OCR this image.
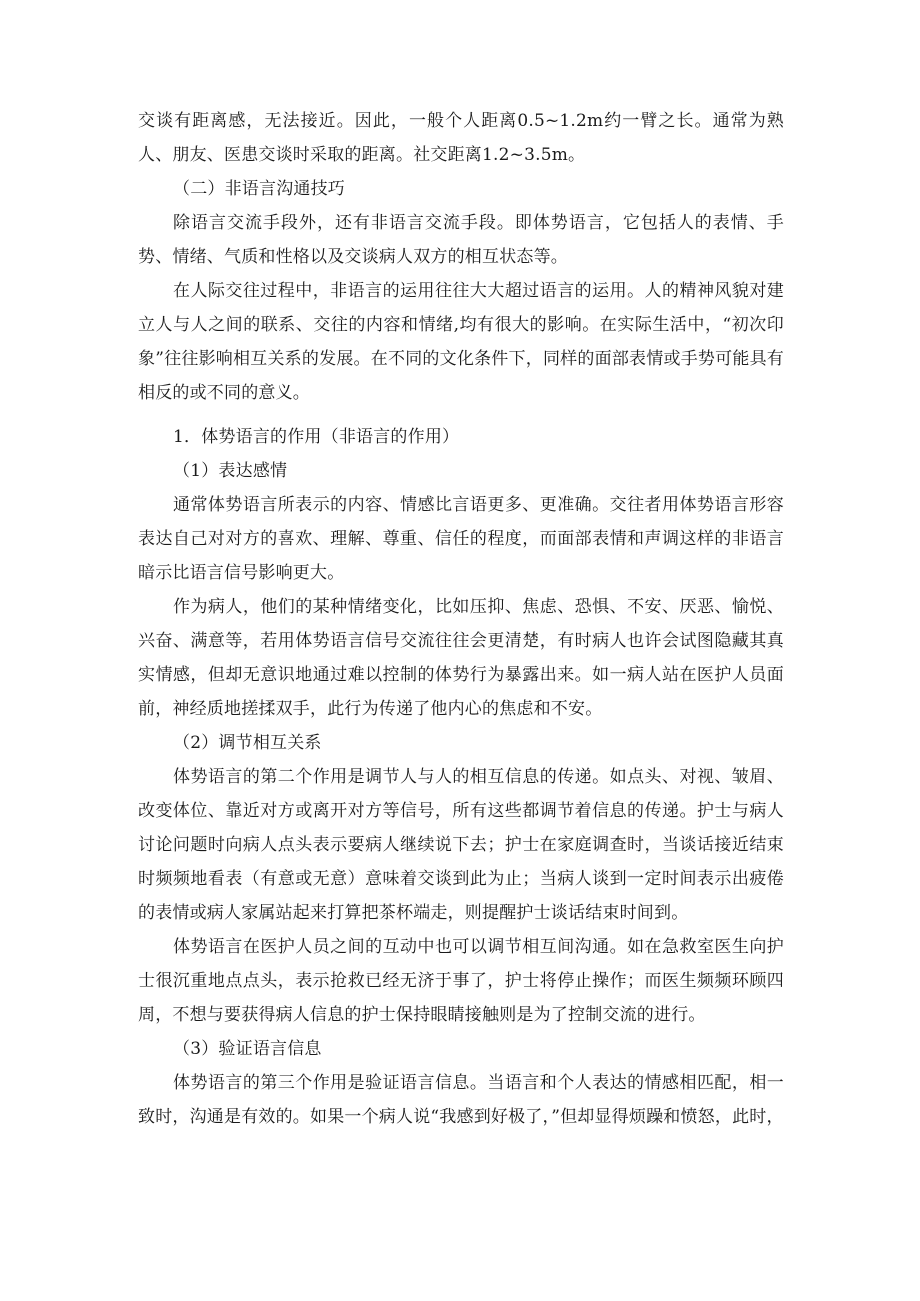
交谈有距离感，无法接近。因此，一般个人距离0.5~1.2m约一臂之长。通常为熟人、朋友、医患交谈时采取的距离。社交距离1.2~3.5m。

（二）非语言沟通技巧

除语言交流手段外，还有非语言交流手段。即体势语言，它包括人的表情、手势、情绪、气质和性格以及交谈病人双方的相互状态等。

在人际交往过程中，非语言的运用往往大大超过语言的运用。人的精神风貌对建立人与人之间的联系、交往的内容和情绪,均有很大的影响。在实际生活中，“初次印象”往往影响相互关系的发展。在不同的文化条件下，同样的面部表情或手势可能具有相反的或不同的意义。

1．体势语言的作用（非语言的作用）

（1）表达感情

通常体势语言所表示的内容、情感比言语更多、更准确。交往者用体势语言形容表达自己对对方的喜欢、理解、尊重、信任的程度，而面部表情和声调这样的非语言暗示比语言信号影响更大。

作为病人，他们的某种情绪变化，比如压抑、焦虑、恐惧、不安、厌恶、愉悦、兴奋、满意等，若用体势语言信号交流往往会更清楚，有时病人也许会试图隐藏其真实情感，但却无意识地通过难以控制的体势行为暴露出来。如一病人站在医护人员面前，神经质地搓揉双手，此行为传递了他内心的焦虑和不安。

（2）调节相互关系

体势语言的第二个作用是调节人与人的相互信息的传递。如点头、对视、皱眉、改变体位、靠近对方或离开对方等信号，所有这些都调节着信息的传递。护士与病人讨论问题时向病人点头表示要病人继续说下去；护士在家庭调查时，当谈话接近结束时频频地看表（有意或无意）意味着交谈到此为止；当病人谈到一定时间表示出疲倦的表情或病人家属站起来打算把茶杯端走，则提醒护士谈话结束时间到。

体势语言在医护人员之间的互动中也可以调节相互间沟通。如在急救室医生向护士很沉重地点点头，表示抢救已经无济于事了，护士将停止操作；而医生频频环顾四周，不想与要获得病人信息的护士保持眼睛接触则是为了控制交流的进行。

（3）验证语言信息

体势语言的第三个作用是验证语言信息。当语言和个人表达的情感相匹配，相一致时，沟通是有效的。如果一个病人说“我感到好极了，”但却显得烦躁和愤怒，此时，
